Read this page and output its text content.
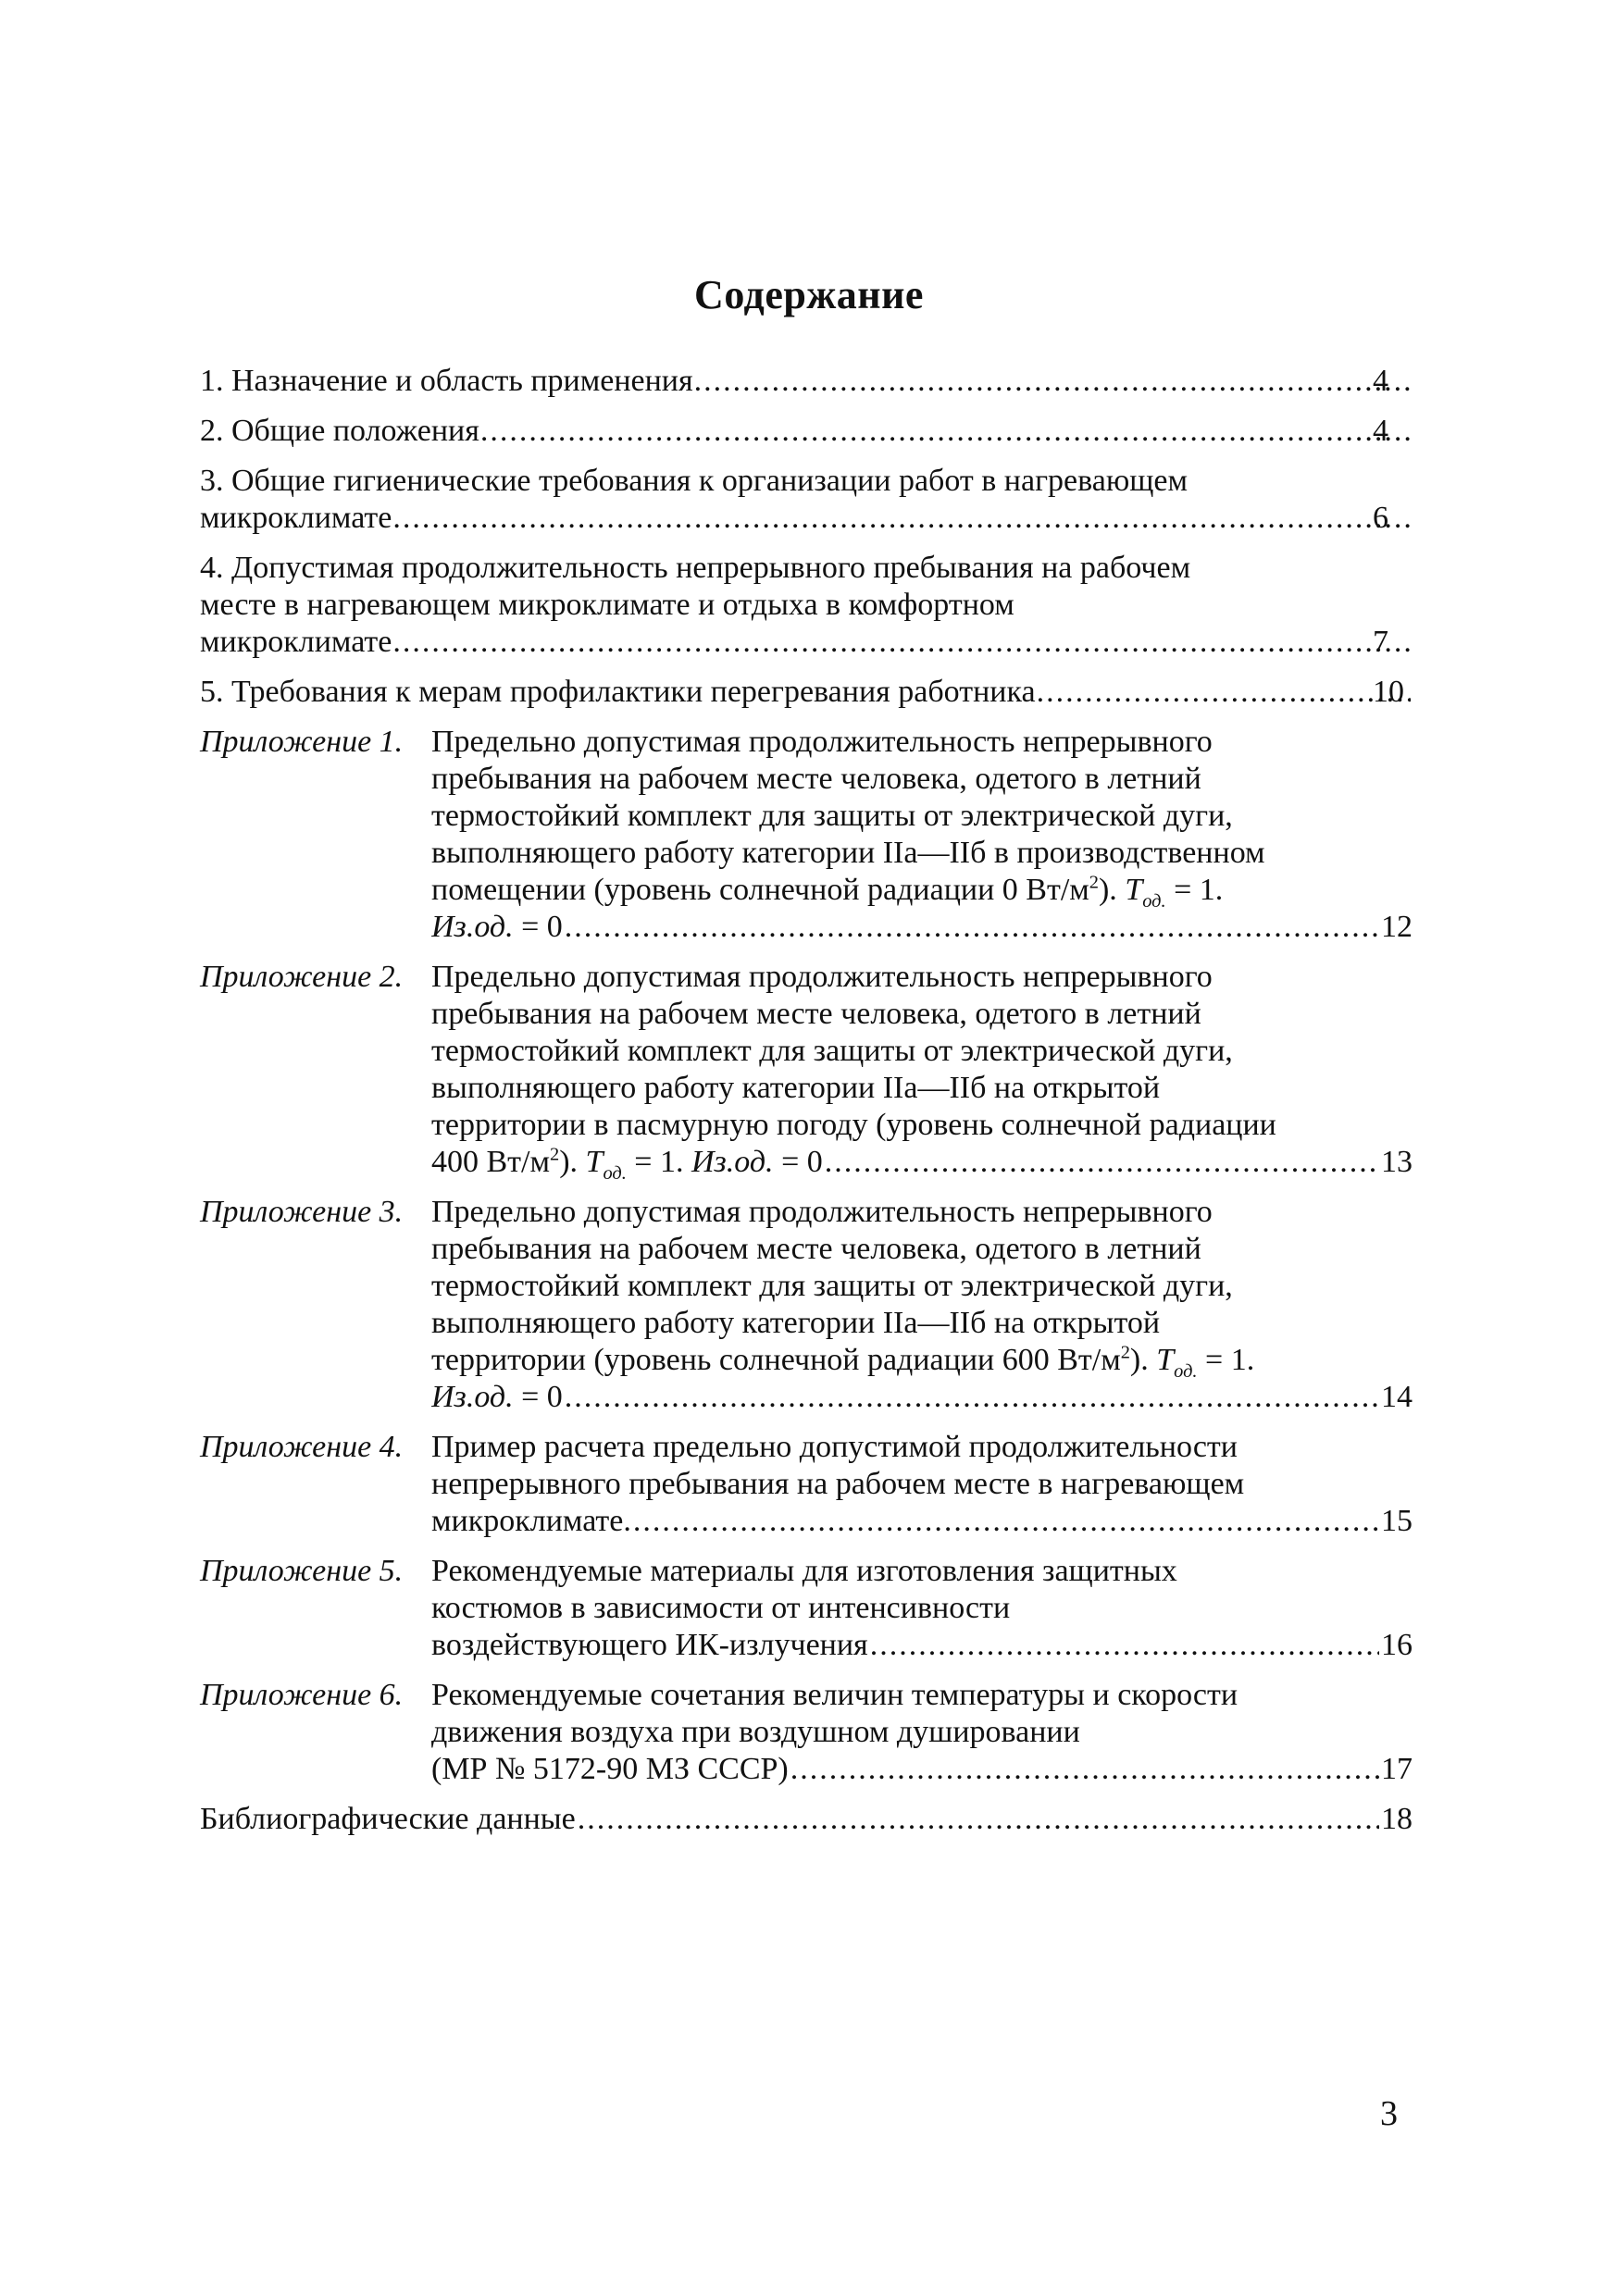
Содержание
1. Назначение и область применения .....	4
2. Общие положения .....	4
3. Общие гигиенические требования к организации работ в нагревающем
микроклимате .....	6
4. Допустимая продолжительность непрерывного пребывания на рабочем
месте в нагревающем микроклимате и отдыха в комфортном
микроклимате .....	7
5. Требования к мерам профилактики перегревания работника .....	10
Приложение 1. Предельно допустимая продолжительность непрерывного
пребывания на рабочем месте человека, одетого в летний
термостойкий комплект для защиты от электрической дуги,
выполняющего работу категории IIа—IIб в производственном
помещении (уровень солнечной радиации 0 $Вт/м^2$). $Т_{од.} = 1$.
Из.од. = 0 .....	12
Приложение 2. Предельно допустимая продолжительность непрерывного
пребывания на рабочем месте человека, одетого в летний
термостойкий комплект для защиты от электрической дуги,
выполняющего работу категории IIа—IIб на открытой
территории в пасмурную погоду (уровень солнечной радиации
400 $Вт/м^2$). $Т_{од.} = 1$. Из.од. = 0 .....	13
Приложение 3. Предельно допустимая продолжительность непрерывного
пребывания на рабочем месте человека, одетого в летний
термостойкий комплект для защиты от электрической дуги,
выполняющего работу категории IIа—IIб на открытой
территории (уровень солнечной радиации 600 $Вт/м^2$). $Т_{од.} = 1$.
Из.од. = 0 .....	14
Приложение 4. Пример расчета предельно допустимой продолжительности
непрерывного пребывания на рабочем месте в нагревающем
микроклимате. .....	15
Приложение 5. Рекомендуемые материалы для изготовления защитных
костюмов в зависимости от интенсивности
воздействующего ИК-излучения .....	16
Приложение 6. Рекомендуемые сочетания величин температуры и скорости
движения воздуха при воздушном душировании
(МР № 5172-90 МЗ СССР) .....	17
Библиографические данные .....	18
3
